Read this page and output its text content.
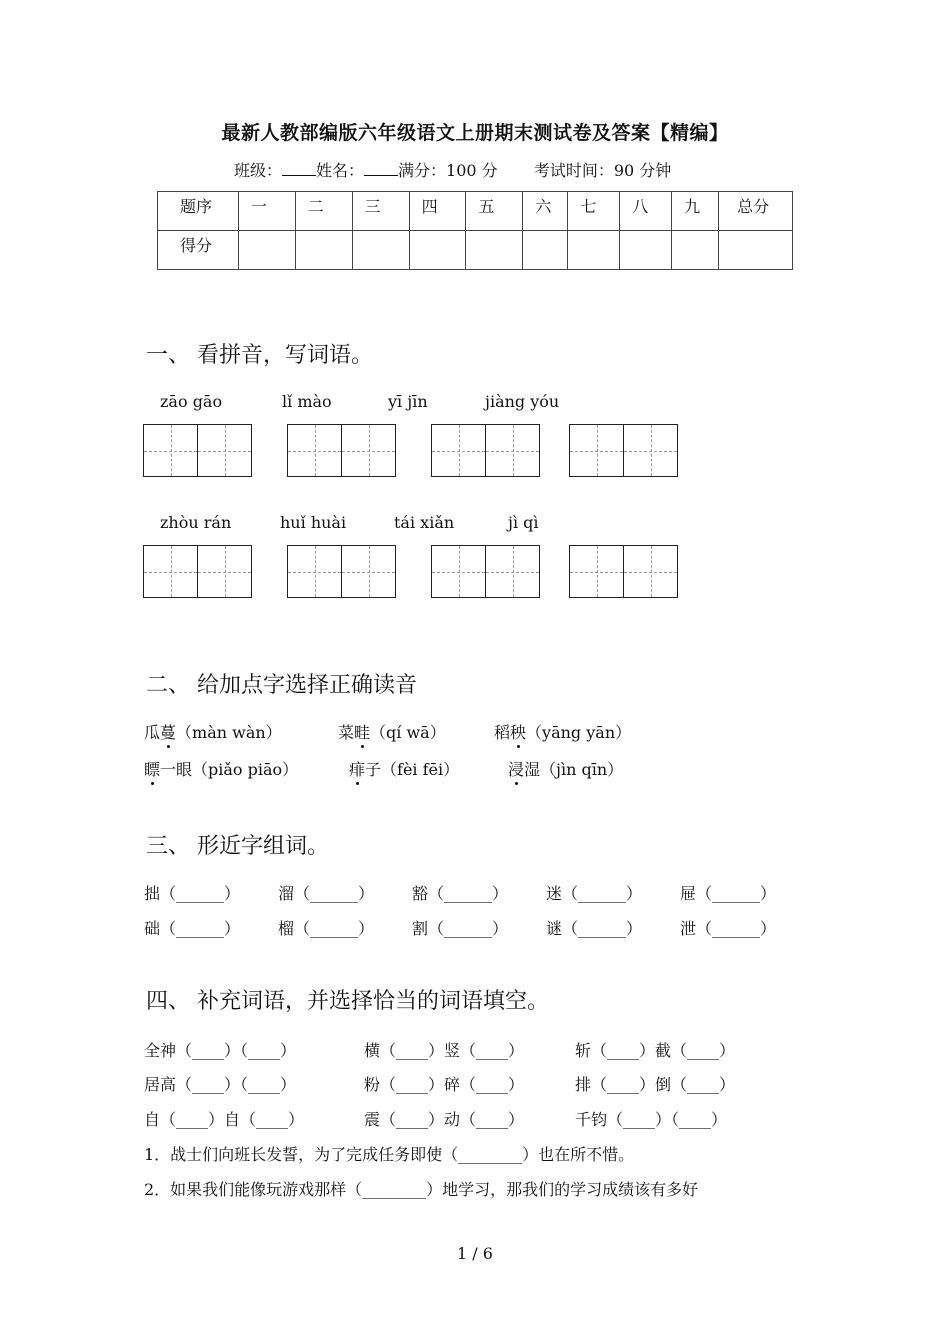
最新人教部编版六年级语文上册期末测试卷及答案【精编】
班级： 姓名： 满分：100 分 考试时间：90 分钟
题序	一	二	三	四	五	六	七	八	九	总分
得分										
一、 看拼音，写词语。
zāo gāo	lǐ mào	yī jīn	jiàng yóu
zhòu rán	huǐ huài	tái xiǎn	jì qì
二、 给加点字选择正确读音
瓜蔓（màn wàn）	菜畦（qí wā）	稻秧（yāng yān）
瞟一眼（piǎo piāo）	痱子（fèi fēi）	浸湿（jìn qīn）
三、 形近字组词。
拙（______） 溜（______） 豁（______） 迷（______） 屉（______）
础（______） 榴（______） 割（______） 谜（______） 泄（______）
四、 补充词语，并选择恰当的词语填空。
全神（____）（____）	横（____）竖（____）	斩（____）截（____）
居高（____）（____）	粉（____）碎（____）	排（____）倒（____）
自（____）自（____）	震（____）动（____）	千钧（____）（____）
1．战士们向班长发誓，为了完成任务即使（________）也在所不惜。
2．如果我们能像玩游戏那样（________）地学习，那我们的学习成绩该有多好
1 / 6
